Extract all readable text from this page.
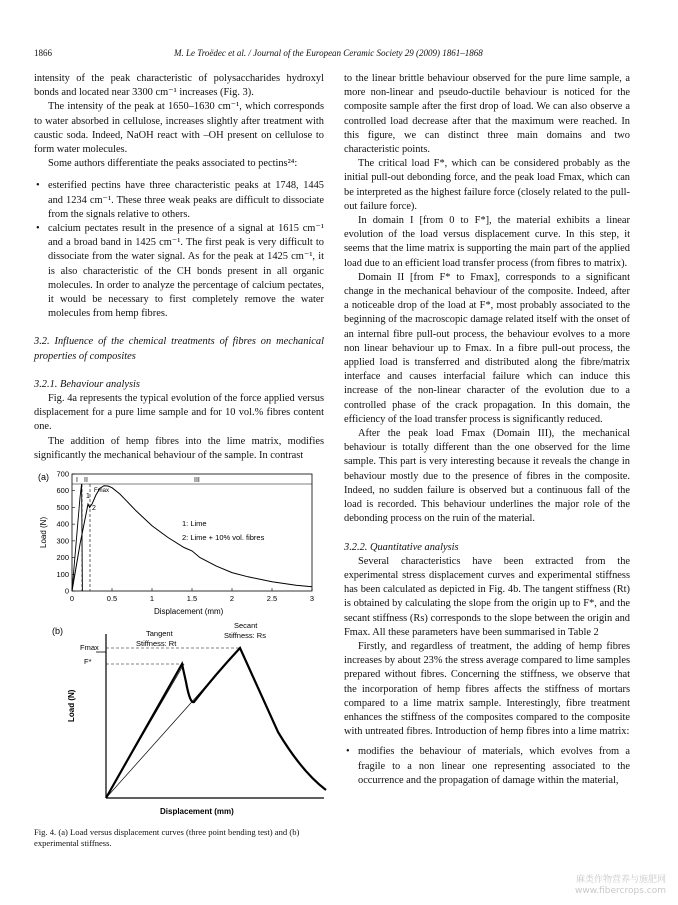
1866	M. Le Troëdec et al. / Journal of the European Ceramic Society 29 (2009) 1861–1868

intensity of the peak characteristic of polysaccharides hydroxyl bonds and located near 3300 cm⁻¹ increases (Fig. 3).

The intensity of the peak at 1650–1630 cm⁻¹, which corresponds to water absorbed in cellulose, increases slightly after treatment with caustic soda. Indeed, NaOH react with –OH present on cellulose to form water molecules.

Some authors differentiate the peaks associated to pectins²⁴:

• esterified pectins have three characteristic peaks at 1748, 1445 and 1234 cm⁻¹. These three weak peaks are difficult to dissociate from the signals relative to others.
• calcium pectates result in the presence of a signal at 1615 cm⁻¹ and a broad band in 1425 cm⁻¹. The first peak is very difficult to dissociate from the water signal. As for the peak at 1425 cm⁻¹, it is also characteristic of the CH bonds present in all organic molecules. In order to analyze the percentage of calcium pectates, it would be necessary to first completely remove the water molecules from hemp fibres.

3.2. Influence of the chemical treatments of fibres on mechanical properties of composites

3.2.1. Behaviour analysis

Fig. 4a represents the typical evolution of the force applied versus displacement for a pure lime sample and for 10 vol.% fibres content one.

The addition of hemp fibres into the lime matrix, modifies significantly the mechanical behaviour of the sample. In contrast

(a)
0	0.5	1	1.5	2	2.5	3
0
100
200
300
400
500
600
700
I II	III
Fmax
1
2
1: Lime
2: Lime + 10% vol. fibres
Displacement (mm)
Load (N)
(b)
Fmax
F*
Tangent
Stiffness: Rt
Secant
Stiffness: Rs
Displacement (mm)
Load (N)
Fig. 4. (a) Load versus displacement curves (three point bending test) and (b) experimental stiffness.

to the linear brittle behaviour observed for the pure lime sample, a more non-linear and pseudo-ductile behaviour is noticed for the composite sample after the first drop of load. We can also observe a controlled load decrease after that the maximum were reached. In this figure, we can distinct three main domains and two characteristic points.

The critical load F*, which can be considered probably as the initial pull-out debonding force, and the peak load Fmax, which can be interpreted as the highest failure force (closely related to the pull-out failure force).

In domain I [from 0 to F*], the material exhibits a linear evolution of the load versus displacement curve. In this step, it seems that the lime matrix is supporting the main part of the applied load due to an efficient load transfer process (from fibres to matrix).

Domain II [from F* to Fmax], corresponds to a significant change in the mechanical behaviour of the composite. Indeed, after a noticeable drop of the load at F*, most probably associated to the beginning of the macroscopic damage related itself with the onset of an internal fibre pull-out process, the behaviour evolves to a more non linear behaviour up to Fmax. In a fibre pull-out process, the applied load is transferred and distributed along the fibre/matrix interface and causes interfacial failure which can induce this increase of the non-linear character of the evolution due to a controlled phase of the crack propagation. In this domain, the efficiency of the load transfer process is significantly reduced.

After the peak load Fmax (Domain III), the mechanical behaviour is totally different than the one observed for the lime sample. This part is very interesting because it reveals the change in behaviour mostly due to the presence of fibres in the composite. Indeed, no sudden failure is observed but a continuous fall of the load is recorded. This behaviour underlines the major role of the debonding process on the ruin of the material.

3.2.2. Quantitative analysis

Several characteristics have been extracted from the experimental stress displacement curves and experimental stiffness has been calculated as depicted in Fig. 4b. The tangent stiffness (Rt) is obtained by calculating the slope from the origin up to F*, and the secant stiffness (Rs) corresponds to the slope between the origin and Fmax. All these parameters have been summarised in Table 2

Firstly, and regardless of treatment, the adding of hemp fibres increases by about 23% the stress average compared to lime samples prepared without fibres. Concerning the stiffness, we observe that the incorporation of hemp fibres affects the stiffness of mortars compared to a lime matrix sample. Interestingly, fibre treatment enhances the stiffness of the composites compared to the composite with untreated fibres. Introduction of hemp fibres into a lime matrix:

• modifies the behaviour of materials, which evolves from a fragile to a non linear one representing associated to the occurrence and the propagation of damage within the material,
麻类作物营养与施肥网
www.fibercrops.com
